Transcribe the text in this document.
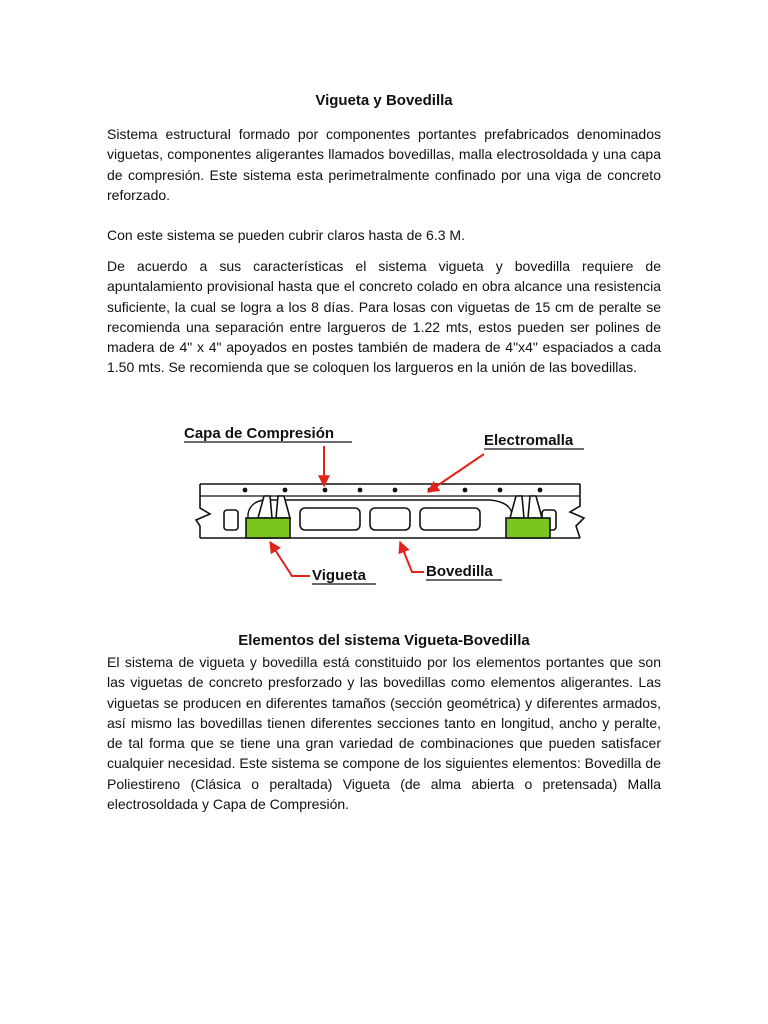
Vigueta y Bovedilla

Sistema estructural formado por componentes portantes prefabricados denominados viguetas, componentes aligerantes llamados bovedillas, malla electrosoldada y una capa de compresión. Este sistema esta perimetralmente confinado por una viga de concreto reforzado.

Con este sistema se pueden cubrir claros hasta de 6.3 M.

De acuerdo a sus características el sistema vigueta y bovedilla requiere de apuntalamiento provisional hasta que el concreto colado en obra alcance una resistencia suficiente, la cual se logra a los 8 días. Para losas con viguetas de 15 cm de peralte se recomienda una separación entre largueros de 1.22 mts, estos pueden ser polines de madera de 4" x 4" apoyados en postes también de madera de 4"x4" espaciados a cada 1.50 mts. Se recomienda que se coloquen los largueros en la unión de las bovedillas.

Capa de Compresión	Electromalla
Vigueta	Bovedilla
Elementos del sistema Vigueta-Bovedilla

El sistema de vigueta y bovedilla está constituido por los elementos portantes que son las viguetas de concreto presforzado y las bovedillas como elementos aligerantes. Las viguetas se producen en diferentes tamaños (sección geométrica) y diferentes armados, así mismo las bovedillas tienen diferentes secciones tanto en longitud, ancho y peralte, de tal forma que se tiene una gran variedad de combinaciones que pueden satisfacer cualquier necesidad. Este sistema se compone de los siguientes elementos: Bovedilla de Poliestireno (Clásica o peraltada) Vigueta (de alma abierta o pretensada) Malla electrosoldada y Capa de Compresión.
